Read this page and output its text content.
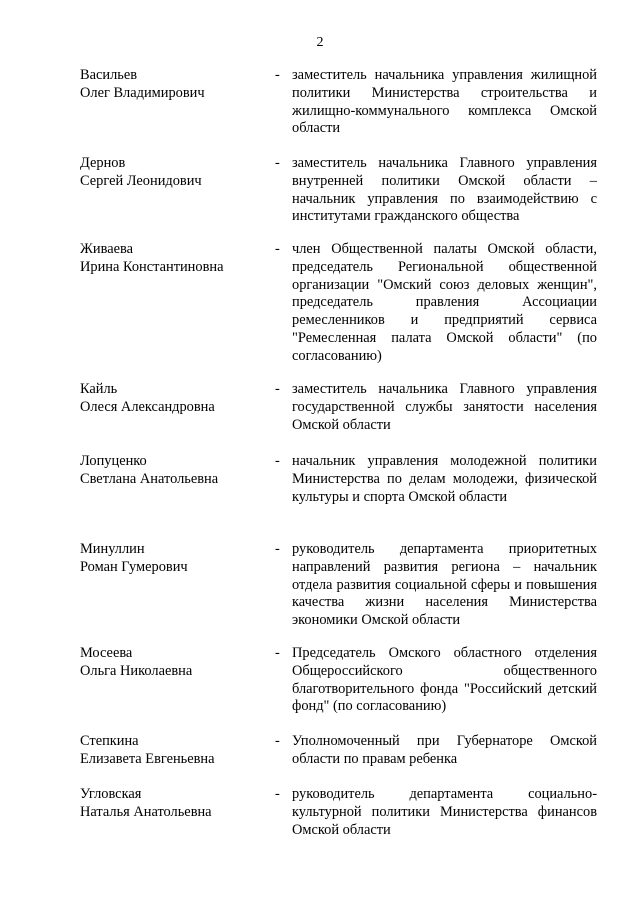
2
Васильев
Олег Владимирович
- заместитель начальника управления жилищной политики Министерства строительства и жилищно-коммунального комплекса Омской области
Дернов
Сергей Леонидович
- заместитель начальника Главного управления внутренней политики Омской области – начальник управления по взаимодействию с институтами гражданского общества
Живаева
Ирина Константиновна
- член Общественной палаты Омской области, председатель Региональной общественной организации "Омский союз деловых женщин", председатель правления Ассоциации ремесленников и предприятий сервиса "Ремесленная палата Омской области" (по согласованию)
Кайль
Олеся Александровна
- заместитель начальника Главного управления государственной службы занятости населения Омской области
Лопуценко
Светлана Анатольевна
- начальник управления молодежной политики Министерства по делам молодежи, физической культуры и спорта Омской области
Минуллин
Роман Гумерович
- руководитель департамента приоритетных направлений развития региона – начальник отдела развития социальной сферы и повышения качества жизни населения Министерства экономики Омской области
Мосеева
Ольга Николаевна
- Председатель Омского областного отделения Общероссийского общественного благотворительного фонда "Российский детский фонд" (по согласованию)
Степкина
Елизавета Евгеньевна
- Уполномоченный при Губернаторе Омской области по правам ребенка
Угловская
Наталья Анатольевна
- руководитель департамента социально-культурной политики Министерства финансов Омской области
